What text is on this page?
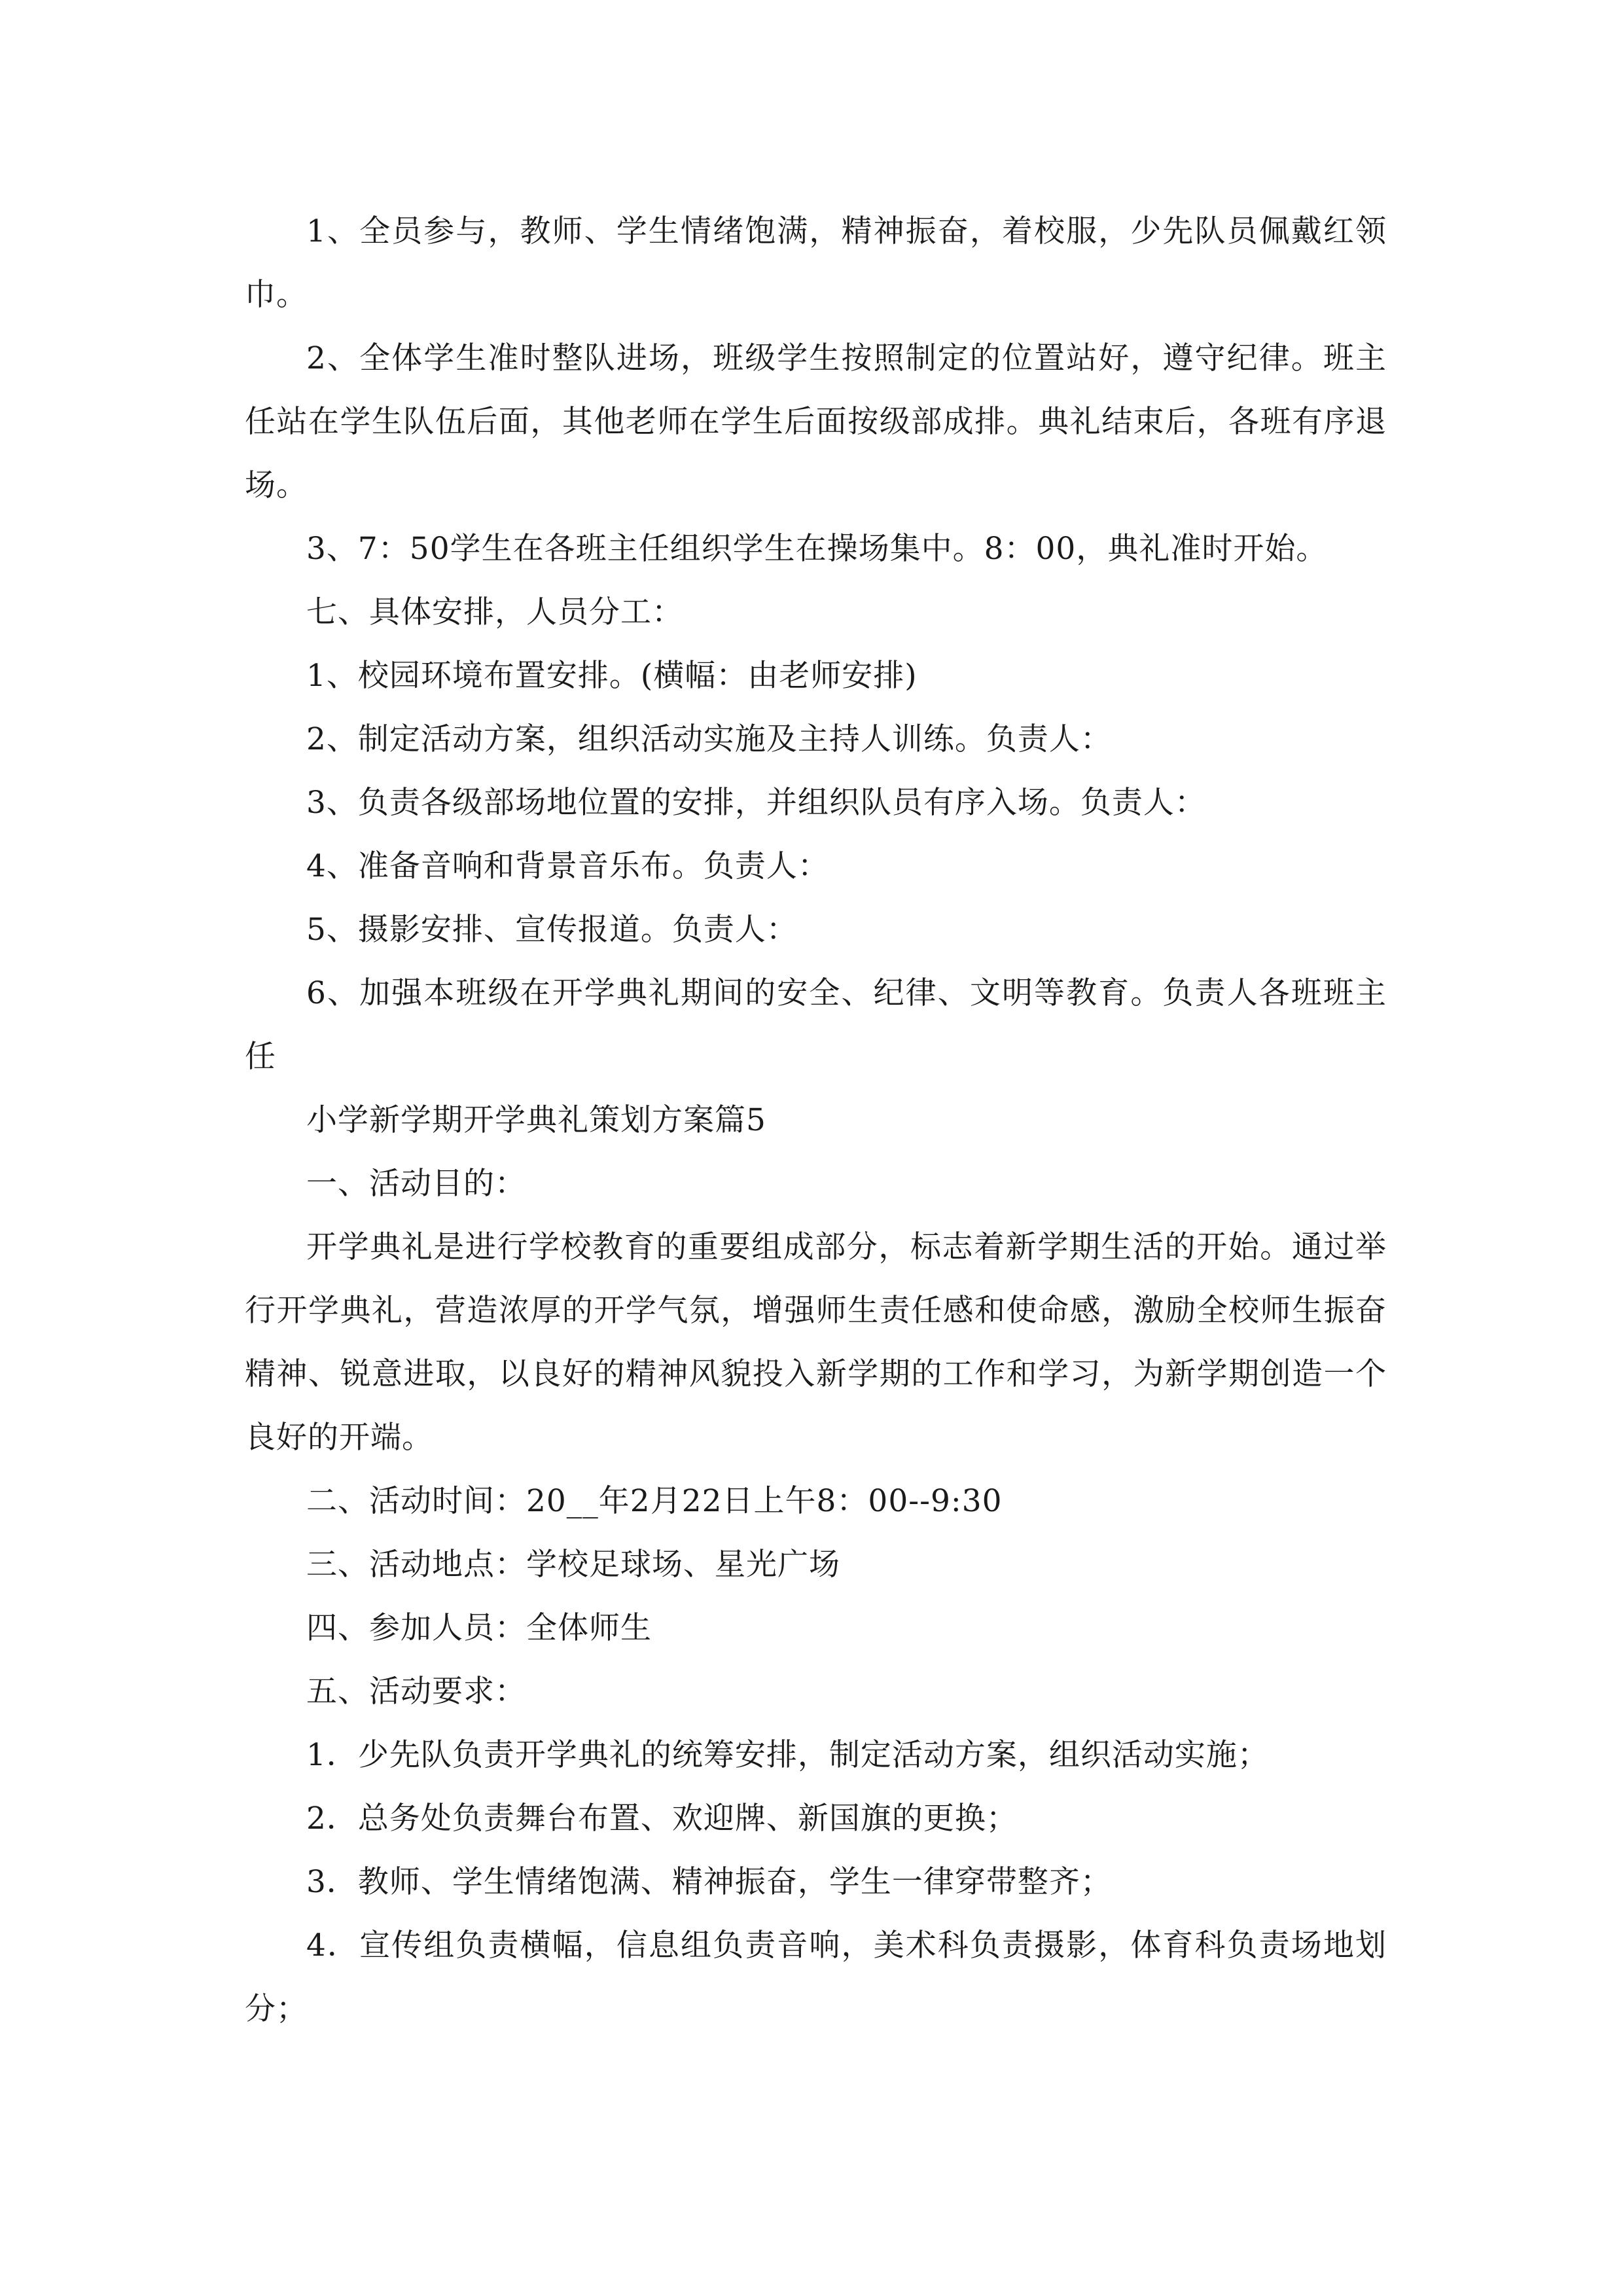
1、全员参与，教师、学生情绪饱满，精神振奋，着校服，少先队员佩戴红领巾。

2、全体学生准时整队进场，班级学生按照制定的位置站好，遵守纪律。班主任站在学生队伍后面，其他老师在学生后面按级部成排。典礼结束后，各班有序退场。

3、7：50学生在各班主任组织学生在操场集中。8：00，典礼准时开始。

七、具体安排，人员分工：

1、校园环境布置安排。(横幅：由老师安排)

2、制定活动方案，组织活动实施及主持人训练。负责人：

3、负责各级部场地位置的安排，并组织队员有序入场。负责人：

4、准备音响和背景音乐布。负责人：

5、摄影安排、宣传报道。负责人：

6、加强本班级在开学典礼期间的安全、纪律、文明等教育。负责人各班班主任

小学新学期开学典礼策划方案篇5

一、活动目的：

开学典礼是进行学校教育的重要组成部分，标志着新学期生活的开始。通过举行开学典礼，营造浓厚的开学气氛，增强师生责任感和使命感，激励全校师生振奋精神、锐意进取，以良好的精神风貌投入新学期的工作和学习，为新学期创造一个良好的开端。

二、活动时间：20__年2月22日上午8：00--9:30

三、活动地点：学校足球场、星光广场

四、参加人员：全体师生

五、活动要求：

1．少先队负责开学典礼的统筹安排，制定活动方案，组织活动实施；

2．总务处负责舞台布置、欢迎牌、新国旗的更换；

3．教师、学生情绪饱满、精神振奋，学生一律穿带整齐；

4．宣传组负责横幅，信息组负责音响，美术科负责摄影，体育科负责场地划分；
